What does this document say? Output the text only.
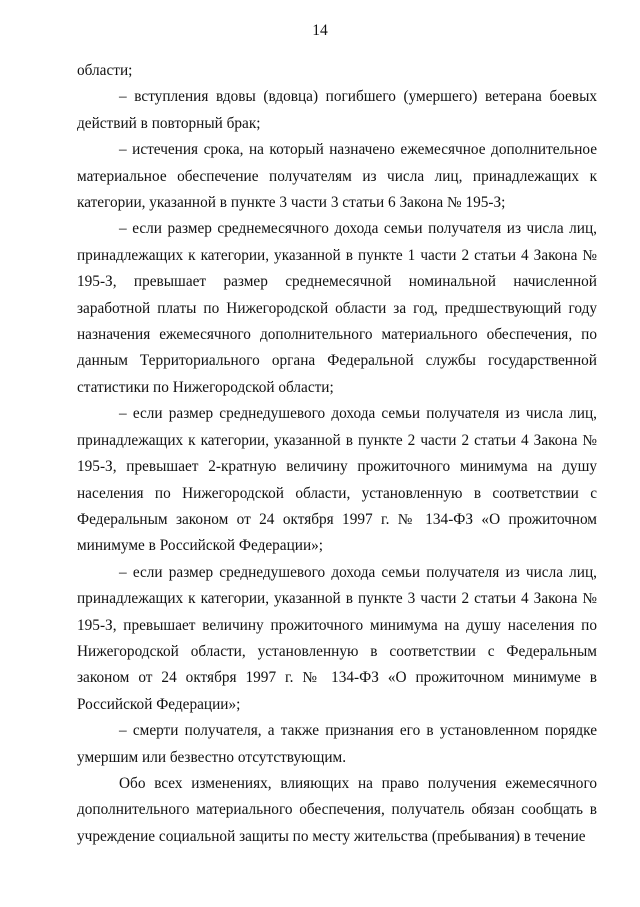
14

области;

– вступления вдовы (вдовца) погибшего (умершего) ветерана боевых действий в повторный брак;

– истечения срока, на который назначено ежемесячное дополнительное материальное обеспечение получателям из числа лиц, принадлежащих к категории, указанной в пункте 3 части 3 статьи 6 Закона № 195-З;

– если размер среднемесячного дохода семьи получателя из числа лиц, принадлежащих к категории, указанной в пункте 1 части 2 статьи 4 Закона № 195-З, превышает размер среднемесячной номинальной начисленной заработной платы по Нижегородской области за год, предшествующий году назначения ежемесячного дополнительного материального обеспечения, по данным Территориального органа Федеральной службы государственной статистики по Нижегородской области;

– если размер среднедушевого дохода семьи получателя из числа лиц, принадлежащих к категории, указанной в пункте 2 части 2 статьи 4 Закона № 195-З, превышает 2-кратную величину прожиточного минимума на душу населения по Нижегородской области, установленную в соответствии с Федеральным законом от 24 октября 1997 г. № 134-ФЗ «О прожиточном минимуме в Российской Федерации»;

– если размер среднедушевого дохода семьи получателя из числа лиц, принадлежащих к категории, указанной в пункте 3 части 2 статьи 4 Закона № 195-З, превышает величину прожиточного минимума на душу населения по Нижегородской области, установленную в соответствии с Федеральным законом от 24 октября 1997 г. № 134-ФЗ «О прожиточном минимуме в Российской Федерации»;

– смерти получателя, а также признания его в установленном порядке умершим или безвестно отсутствующим.

Обо всех изменениях, влияющих на право получения ежемесячного дополнительного материального обеспечения, получатель обязан сообщать в учреждение социальной защиты по месту жительства (пребывания) в течение
